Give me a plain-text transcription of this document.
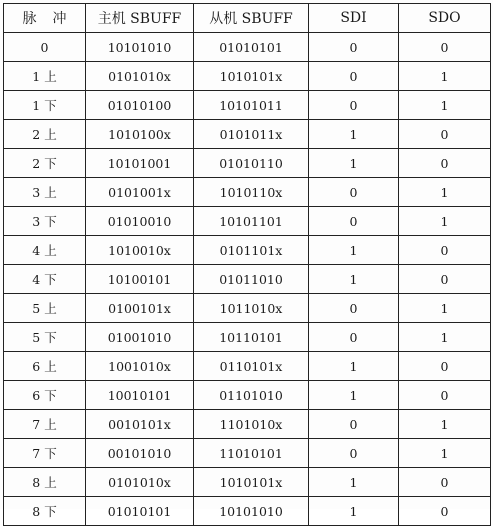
脉 冲	主机 SBUFF	从机 SBUFF	SDI	SDO
0	10101010	01010101	0	0
1 上	0101010x	1010101x	0	1
1 下	01010100	10101011	0	1
2 上	1010100x	0101011x	1	0
2 下	10101001	01010110	1	0
3 上	0101001x	1010110x	0	1
3 下	01010010	10101101	0	1
4 上	1010010x	0101101x	1	0
4 下	10100101	01011010	1	0
5 上	0100101x	1011010x	0	1
5 下	01001010	10110101	0	1
6 上	1001010x	0110101x	1	0
6 下	10010101	01101010	1	0
7 上	0010101x	1101010x	0	1
7 下	00101010	11010101	0	1
8 上	0101010x	1010101x	1	0
8 下	01010101	10101010	1	0
